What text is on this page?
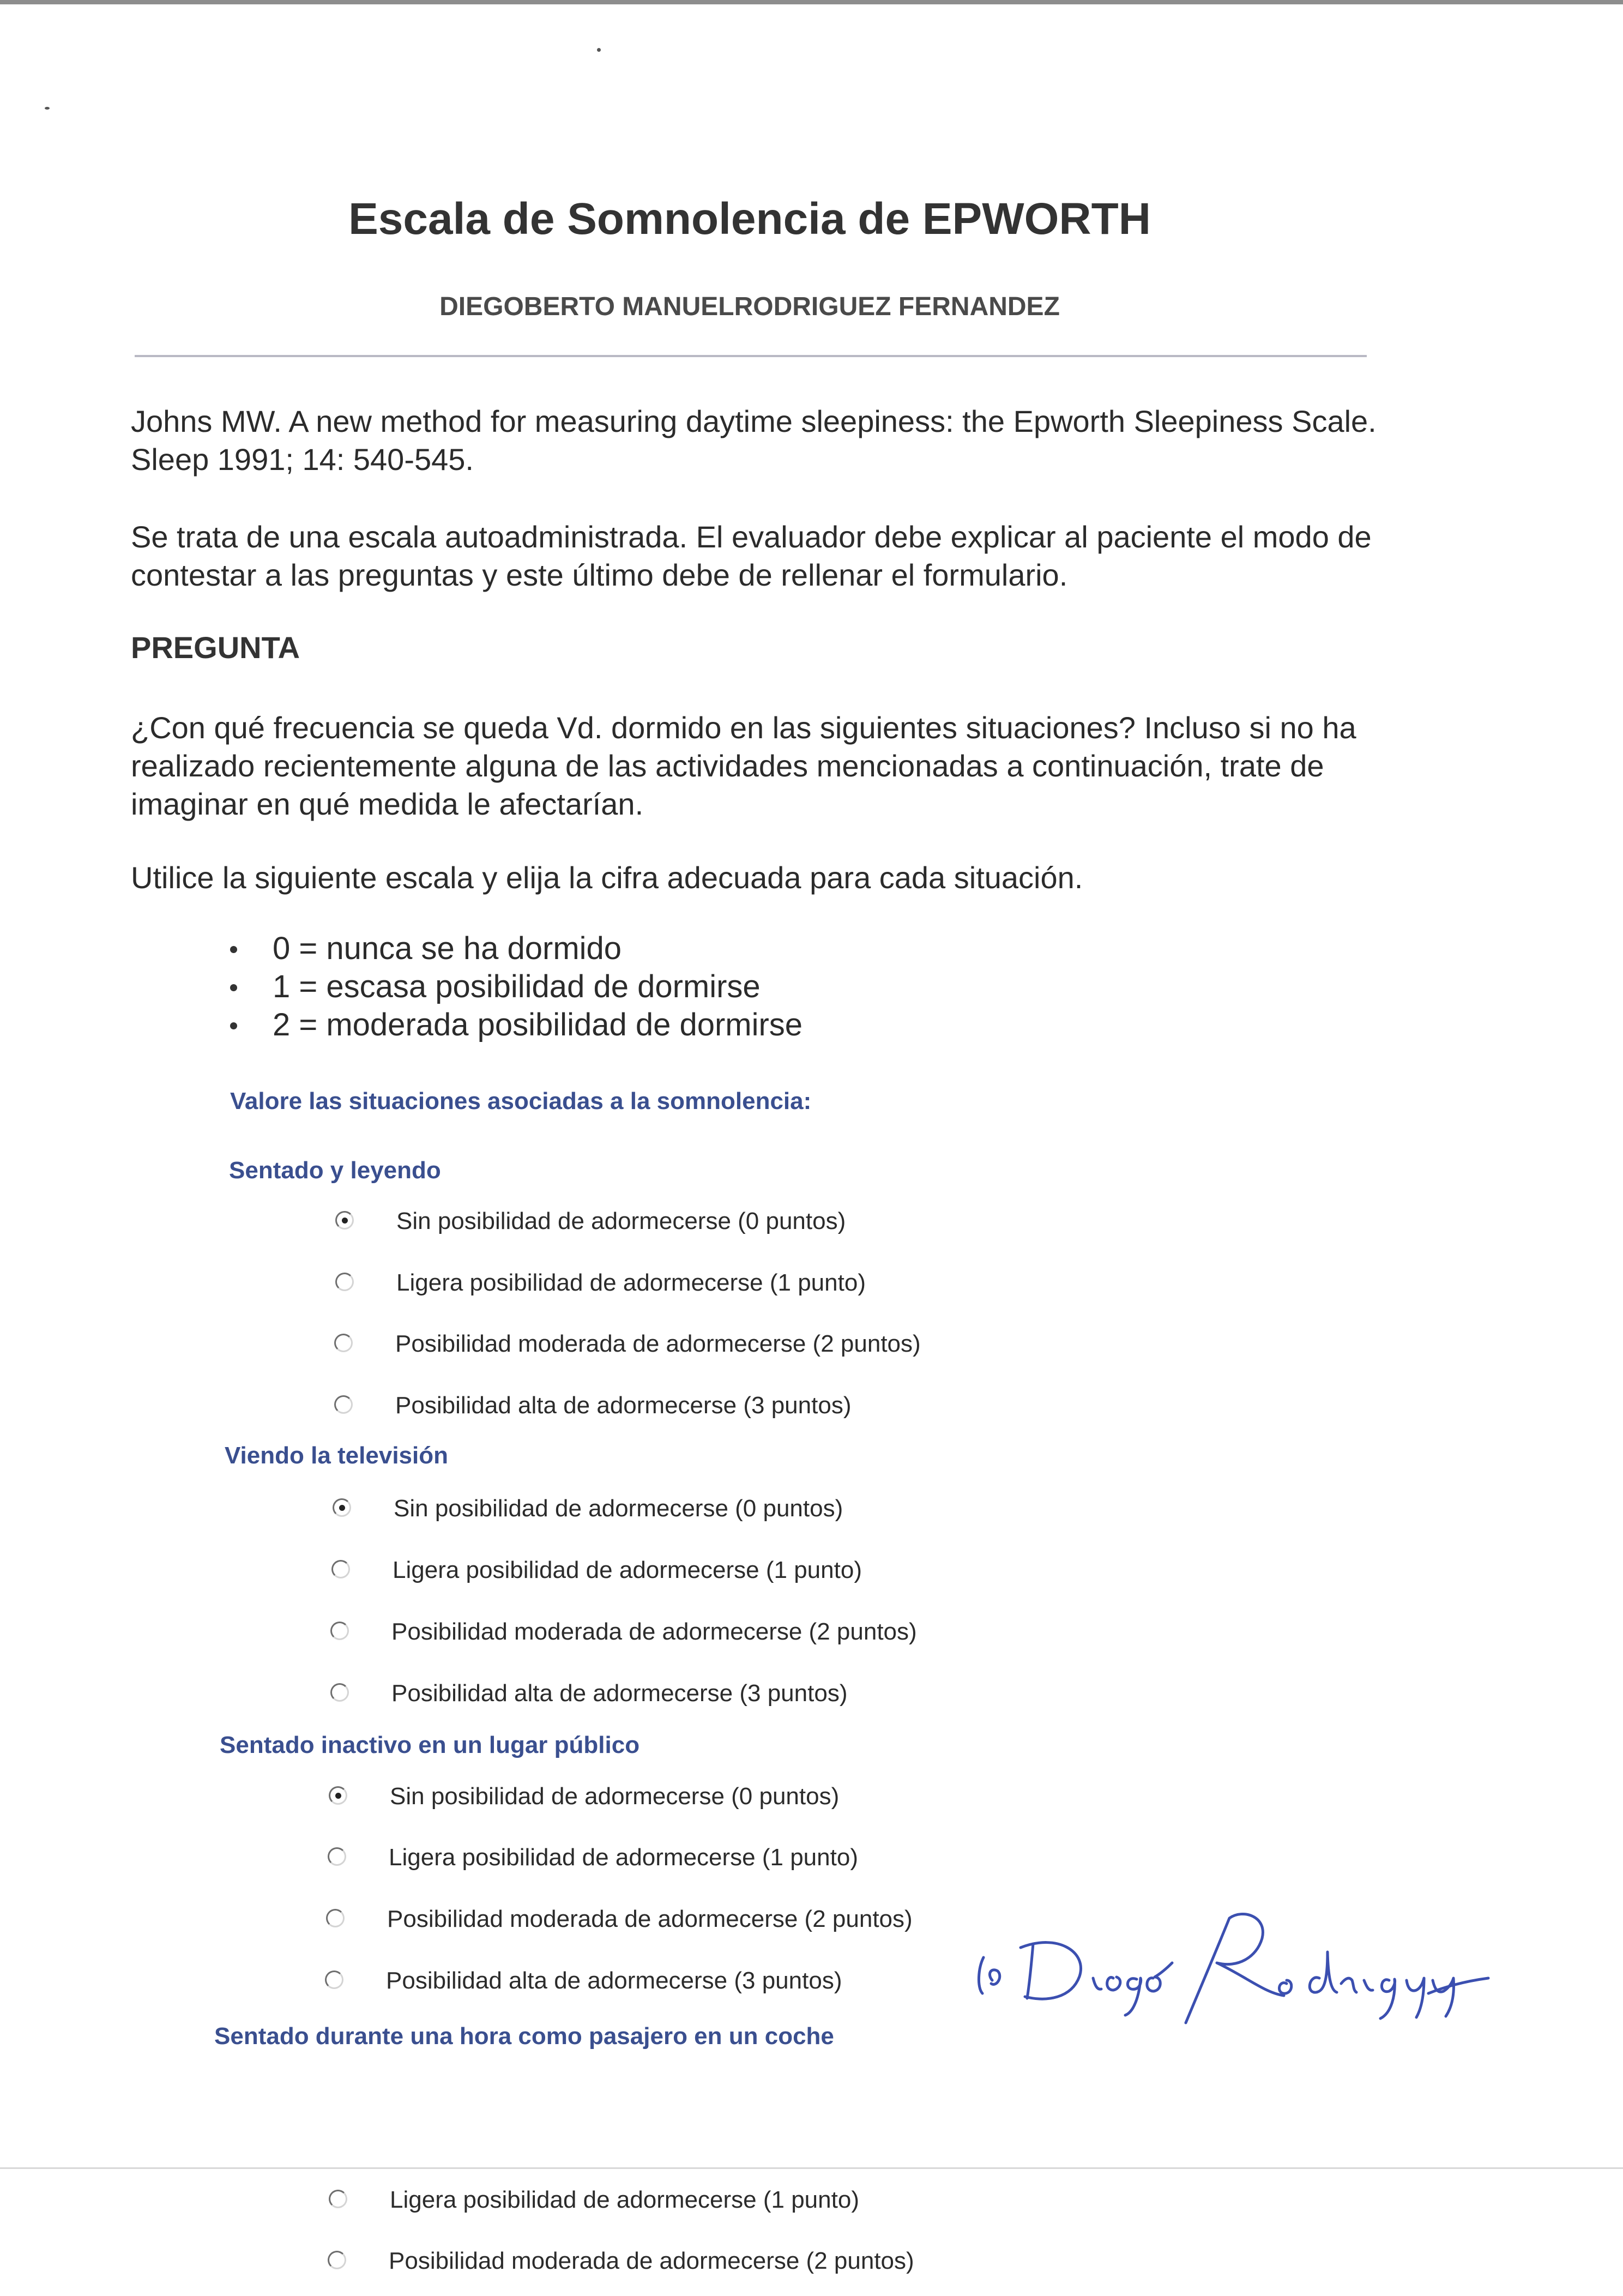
Escala de Somnolencia de EPWORTH
DIEGOBERTO MANUELRODRIGUEZ FERNANDEZ
Johns MW. A new method for measuring daytime sleepiness: the Epworth Sleepiness Scale. Sleep 1991; 14: 540-545.
Se trata de una escala autoadministrada. El evaluador debe explicar al paciente el modo de contestar a las preguntas y este último debe de rellenar el formulario.
PREGUNTA
¿Con qué frecuencia se queda Vd. dormido en las siguientes situaciones? Incluso si no ha realizado recientemente alguna de las actividades mencionadas a continuación, trate de imaginar en qué medida le afectarían.
Utilice la siguiente escala y elija la cifra adecuada para cada situación.
0 = nunca se ha dormido
1 = escasa posibilidad de dormirse
2 = moderada posibilidad de dormirse
Valore las situaciones asociadas a la somnolencia:
Sentado y leyendo
Sin posibilidad de adormecerse (0 puntos)
Ligera posibilidad de adormecerse (1 punto)
Posibilidad moderada de adormecerse (2 puntos)
Posibilidad alta de adormecerse (3 puntos)
Viendo la televisión
Sin posibilidad de adormecerse (0 puntos)
Ligera posibilidad de adormecerse (1 punto)
Posibilidad moderada de adormecerse (2 puntos)
Posibilidad alta de adormecerse (3 puntos)
Sentado inactivo en un lugar público
Sin posibilidad de adormecerse (0 puntos)
Ligera posibilidad de adormecerse (1 punto)
Posibilidad moderada de adormecerse (2 puntos)
Posibilidad alta de adormecerse (3 puntos)
Sentado durante una hora como pasajero en un coche
Ligera posibilidad de adormecerse (1 punto)
Posibilidad moderada de adormecerse (2 puntos)
